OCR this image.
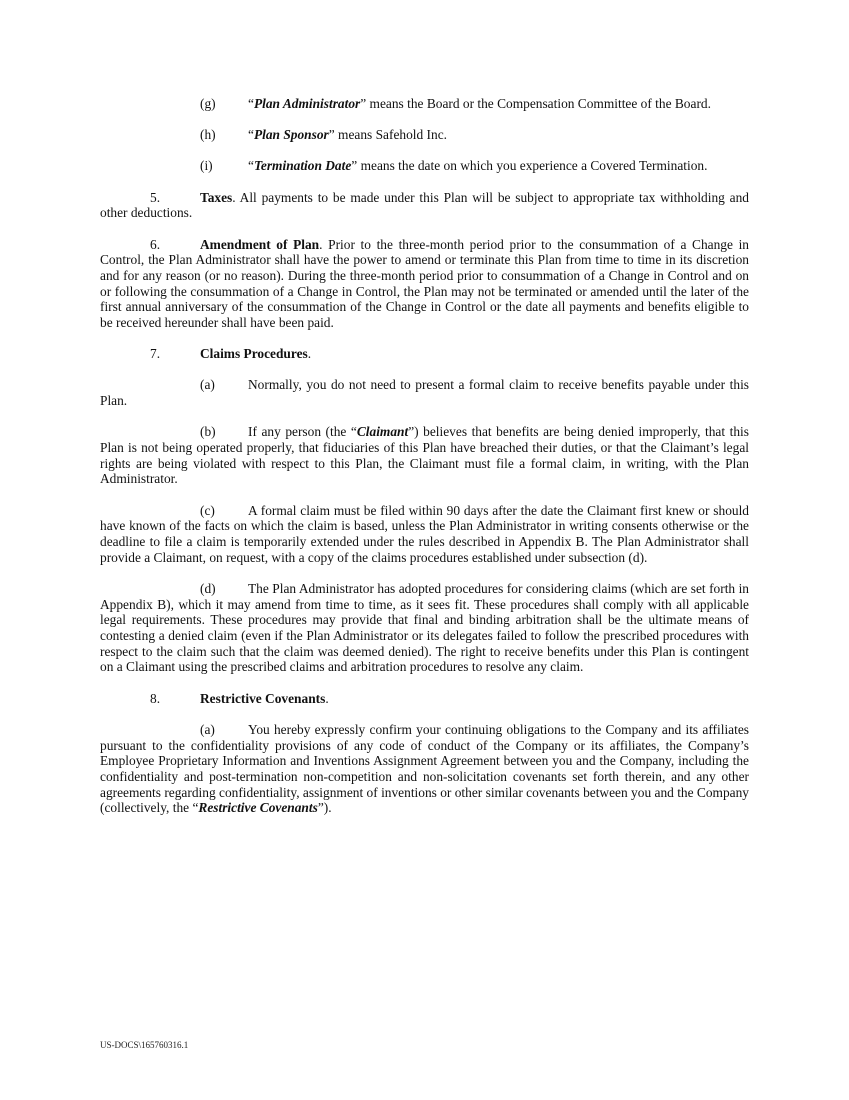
(g) “Plan Administrator” means the Board or the Compensation Committee of the Board.

(h) “Plan Sponsor” means Safehold Inc.

(i)	“Termination Date” means the date on which you experience a Covered Termination.

5.	Taxes. All payments to be made under this Plan will be subject to appropriate tax withholding and other deductions.

6.	Amendment of Plan. Prior to the three-month period prior to the consummation of a Change in Control, the Plan Administrator shall have the power to amend or terminate this Plan from time to time in its discretion and for any reason (or no reason). During the three-month period prior to consummation of a Change in Control and on or following the consummation of a Change in Control, the Plan may not be terminated or amended until the later of the first annual anniversary of the consummation of the Change in Control or the date all payments and benefits eligible to be received hereunder shall have been paid.

7.	Claims Procedures.

(a) Normally, you do not need to present a formal claim to receive benefits payable under this Plan.

(b) If any person (the “Claimant”) believes that benefits are being denied improperly, that this Plan is not being operated properly, that fiduciaries of this Plan have breached their duties, or that the Claimant’s legal rights are being violated with respect to this Plan, the Claimant must file a formal claim, in writing, with the Plan Administrator.

(c) A formal claim must be filed within 90 days after the date the Claimant first knew or should have known of the facts on which the claim is based, unless the Plan Administrator in writing consents otherwise or the deadline to file a claim is temporarily extended under the rules described in Appendix B. The Plan Administrator shall provide a Claimant, on request, with a copy of the claims procedures established under subsection (d).

(d) The Plan Administrator has adopted procedures for considering claims (which are set forth in Appendix B), which it may amend from time to time, as it sees fit. These procedures shall comply with all applicable legal requirements. These procedures may provide that final and binding arbitration shall be the ultimate means of contesting a denied claim (even if the Plan Administrator or its delegates failed to follow the prescribed procedures with respect to the claim such that the claim was deemed denied). The right to receive benefits under this Plan is contingent on a Claimant using the prescribed claims and arbitration procedures to resolve any claim.

8.	Restrictive Covenants.

(a) You hereby expressly confirm your continuing obligations to the Company and its affiliates pursuant to the confidentiality provisions of any code of conduct of the Company or its affiliates, the Company’s Employee Proprietary Information and Inventions Assignment Agreement between you and the Company, including the confidentiality and post-termination non-competition and non-solicitation covenants set forth therein, and any other agreements regarding confidentiality, assignment of inventions or other similar covenants between you and the Company (collectively, the “Restrictive Covenants”).

US-DOCS\165760316.1
